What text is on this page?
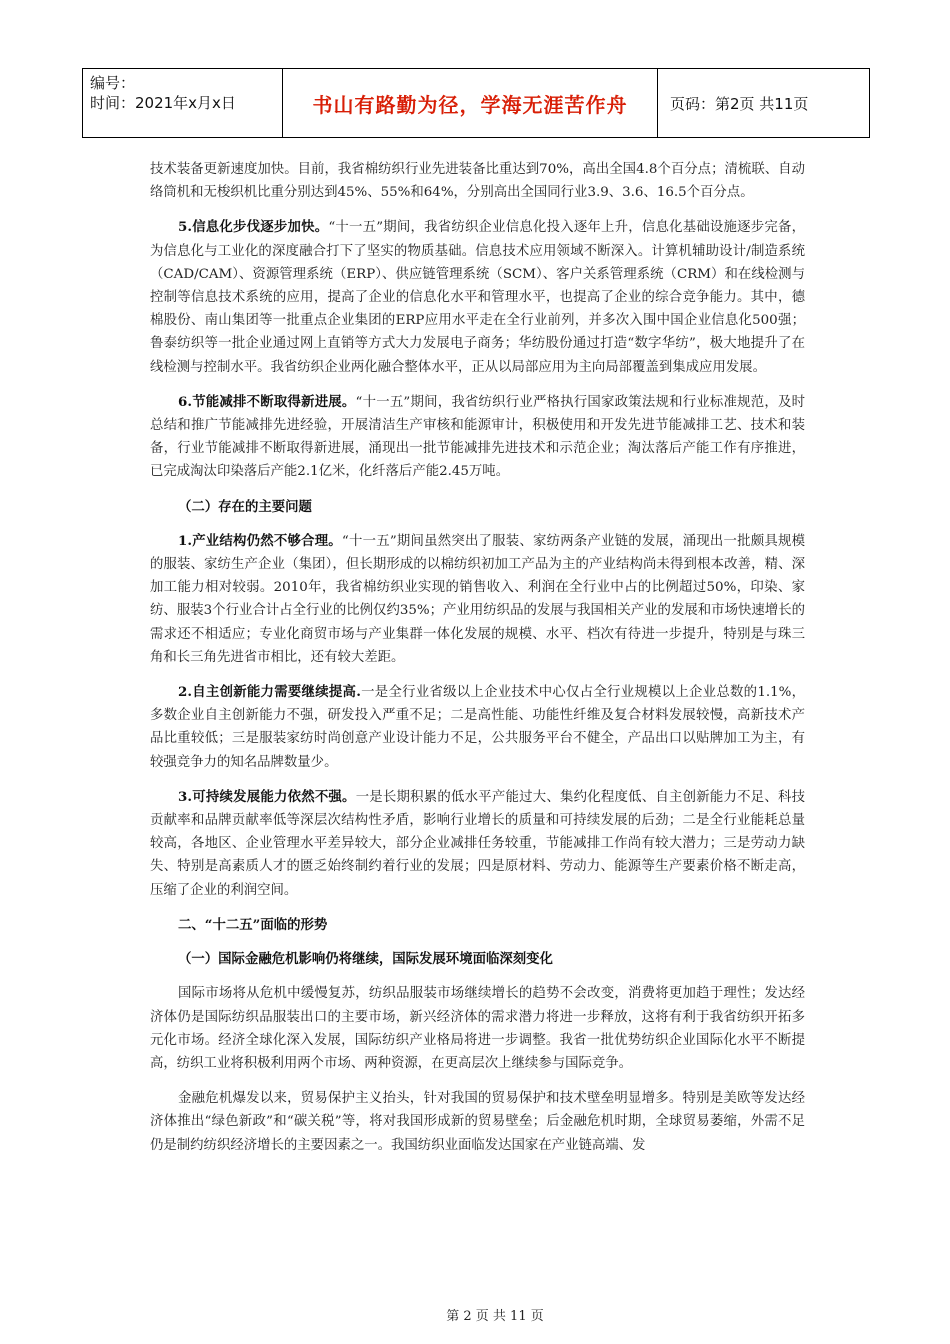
编号：
时间：2021年x月x日	书山有路勤为径，学海无涯苦作舟	页码：第2页 共11页

技术装备更新速度加快。目前，我省棉纺织行业先进装备比重达到70%，高出全国4.8个百分点；清梳联、自动络筒机和无梭织机比重分别达到45%、55%和64%，分别高出全国同行业3.9、3.6、16.5个百分点。

5.信息化步伐逐步加快。“十一五”期间，我省纺织企业信息化投入逐年上升，信息化基础设施逐步完备，为信息化与工业化的深度融合打下了坚实的物质基础。信息技术应用领域不断深入。计算机辅助设计/制造系统（CAD/CAM）、资源管理系统（ERP）、供应链管理系统（SCM）、客户关系管理系统（CRM）和在线检测与控制等信息技术系统的应用，提高了企业的信息化水平和管理水平，也提高了企业的综合竞争能力。其中，德棉股份、南山集团等一批重点企业集团的ERP应用水平走在全行业前列，并多次入围中国企业信息化500强；鲁泰纺织等一批企业通过网上直销等方式大力发展电子商务；华纺股份通过打造“数字华纺”，极大地提升了在线检测与控制水平。我省纺织企业两化融合整体水平，正从以局部应用为主向局部覆盖到集成应用发展。

6.节能减排不断取得新进展。“十一五”期间，我省纺织行业严格执行国家政策法规和行业标准规范，及时总结和推广节能减排先进经验，开展清洁生产审核和能源审计，积极使用和开发先进节能减排工艺、技术和装备，行业节能减排不断取得新进展，涌现出一批节能减排先进技术和示范企业；淘汰落后产能工作有序推进，已完成淘汰印染落后产能2.1亿米，化纤落后产能2.45万吨。

（二）存在的主要问题

1.产业结构仍然不够合理。“十一五”期间虽然突出了服装、家纺两条产业链的发展，涌现出一批颇具规模的服装、家纺生产企业（集团），但长期形成的以棉纺织初加工产品为主的产业结构尚未得到根本改善，精、深加工能力相对较弱。2010年，我省棉纺织业实现的销售收入、利润在全行业中占的比例超过50%，印染、家纺、服装3个行业合计占全行业的比例仅约35%；产业用纺织品的发展与我国相关产业的发展和市场快速增长的需求还不相适应；专业化商贸市场与产业集群一体化发展的规模、水平、档次有待进一步提升，特别是与珠三角和长三角先进省市相比，还有较大差距。

2.自主创新能力需要继续提高.一是全行业省级以上企业技术中心仅占全行业规模以上企业总数的1.1%，多数企业自主创新能力不强，研发投入严重不足；二是高性能、功能性纤维及复合材料发展较慢，高新技术产品比重较低；三是服装家纺时尚创意产业设计能力不足，公共服务平台不健全，产品出口以贴牌加工为主，有较强竞争力的知名品牌数量少。

3.可持续发展能力依然不强。一是长期积累的低水平产能过大、集约化程度低、自主创新能力不足、科技贡献率和品牌贡献率低等深层次结构性矛盾，影响行业增长的质量和可持续发展的后劲；二是全行业能耗总量较高，各地区、企业管理水平差异较大，部分企业减排任务较重，节能减排工作尚有较大潜力；三是劳动力缺失、特别是高素质人才的匮乏始终制约着行业的发展；四是原材料、劳动力、能源等生产要素价格不断走高，压缩了企业的利润空间。

二、“十二五”面临的形势
（一）国际金融危机影响仍将继续，国际发展环境面临深刻变化

国际市场将从危机中缓慢复苏，纺织品服装市场继续增长的趋势不会改变，消费将更加趋于理性；发达经济体仍是国际纺织品服装出口的主要市场，新兴经济体的需求潜力将进一步释放，这将有利于我省纺织开拓多元化市场。经济全球化深入发展，国际纺织产业格局将进一步调整。我省一批优势纺织企业国际化水平不断提高，纺织工业将积极利用两个市场、两种资源，在更高层次上继续参与国际竞争。

金融危机爆发以来，贸易保护主义抬头，针对我国的贸易保护和技术壁垒明显增多。特别是美欧等发达经济体推出“绿色新政”和“碳关税”等，将对我国形成新的贸易壁垒；后金融危机时期，全球贸易萎缩，外需不足仍是制约纺织经济增长的主要因素之一。我国纺织业面临发达国家在产业链高端、发

第 2 页 共 11 页
